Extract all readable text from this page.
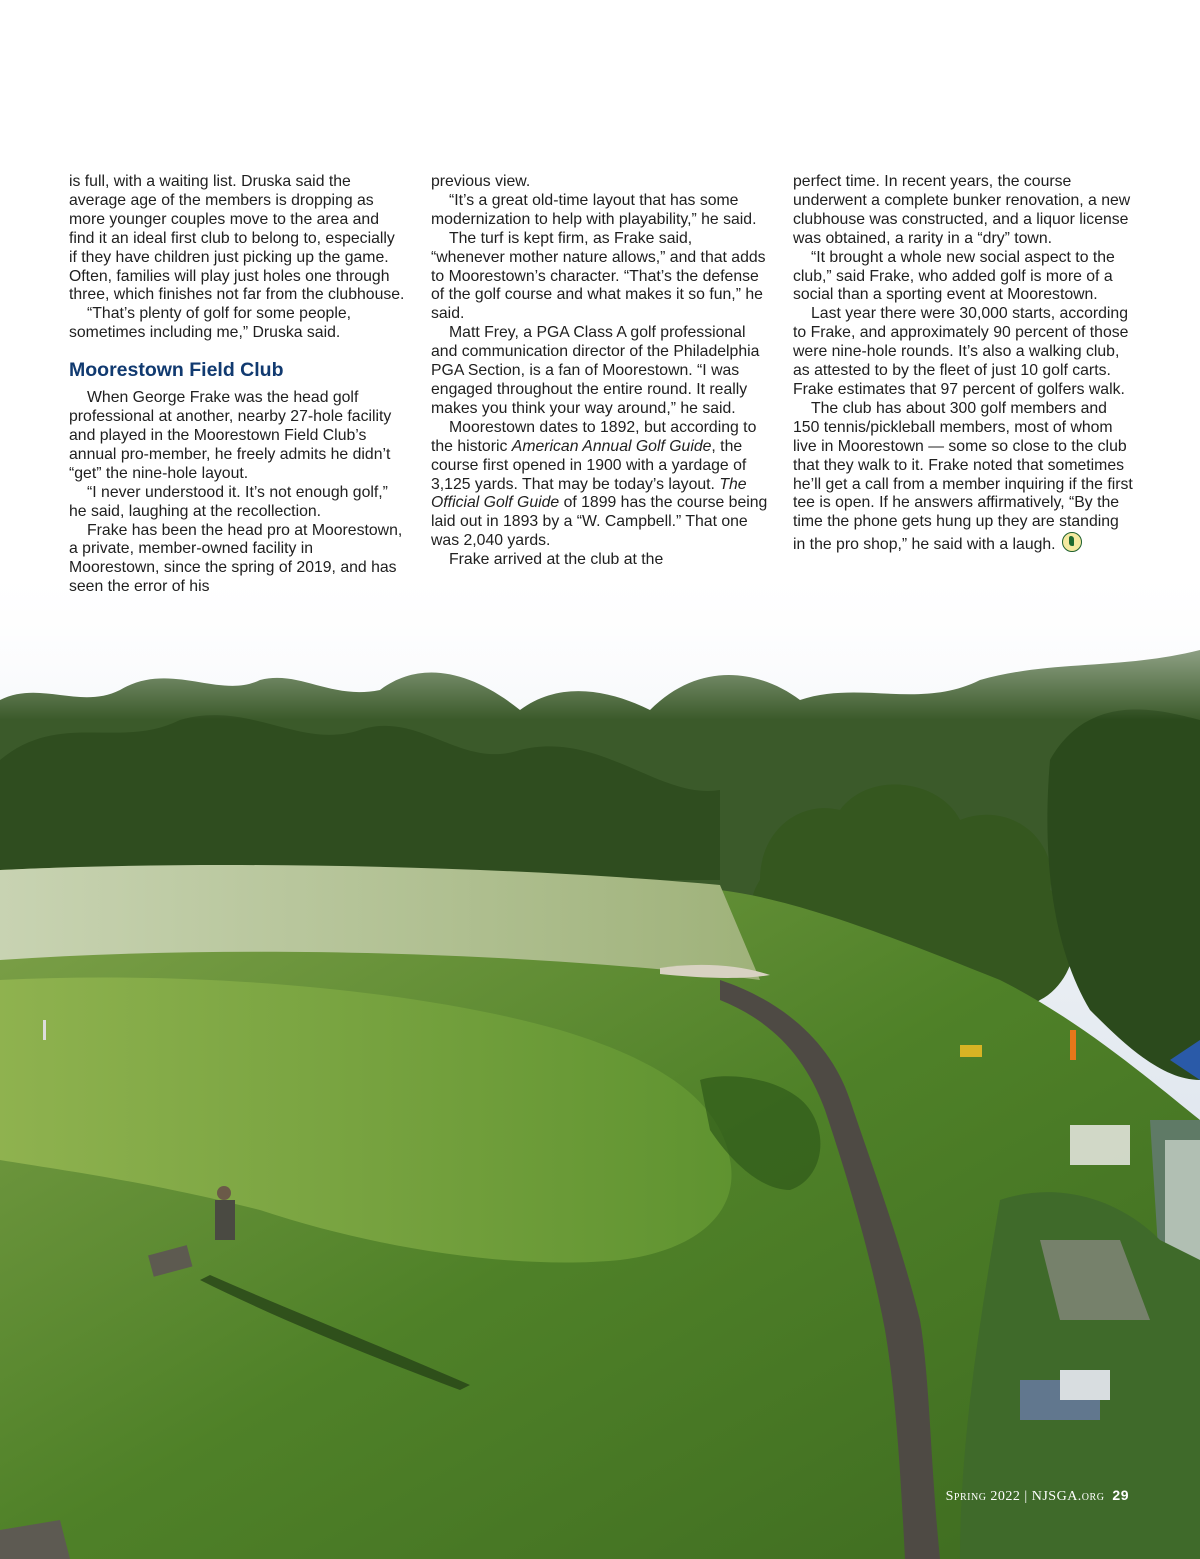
is full, with a waiting list. Druska said the average age of the members is dropping as more younger couples move to the area and find it an ideal first club to belong to, especially if they have children just picking up the game. Often, families will play just holes one through three, which finishes not far from the clubhouse.

“That’s plenty of golf for some people, sometimes including me,” Druska said.

Moorestown Field Club

When George Frake was the head golf professional at another, nearby 27-hole facility and played in the Moorestown Field Club’s annual pro-member, he freely admits he didn’t “get” the nine-hole layout.

“I never understood it. It’s not enough golf,” he said, laughing at the recollection.

Frake has been the head pro at Moorestown, a private, member-owned facility in Moorestown, since the spring of 2019, and has seen the error of his

previous view.

“It’s a great old-time layout that has some modernization to help with playability,” he said.

The turf is kept firm, as Frake said, “whenever mother nature allows,” and that adds to Moorestown’s character. “That’s the defense of the golf course and what makes it so fun,” he said.

Matt Frey, a PGA Class A golf professional and communication director of the Philadelphia PGA Section, is a fan of Moorestown. “I was engaged throughout the entire round. It really makes you think your way around,” he said.

Moorestown dates to 1892, but according to the historic American Annual Golf Guide, the course first opened in 1900 with a yardage of 3,125 yards. That may be today’s layout. The Official Golf Guide of 1899 has the course being laid out in 1893 by a “W. Campbell.” That one was 2,040 yards.

Frake arrived at the club at the

perfect time. In recent years, the course underwent a complete bunker renovation, a new clubhouse was constructed, and a liquor license was obtained, a rarity in a “dry” town.

“It brought a whole new social aspect to the club,” said Frake, who added golf is more of a social than a sporting event at Moorestown.

Last year there were 30,000 starts, according to Frake, and approximately 90 percent of those were nine-hole rounds. It’s also a walking club, as attested to by the fleet of just 10 golf carts. Frake estimates that 97 percent of golfers walk.

The club has about 300 golf members and 150 tennis/pickleball members, most of whom live in Moorestown — some so close to the club that they walk to it. Frake noted that sometimes he’ll get a call from a member inquiring if the first tee is open. If he answers affirmatively, “By the time the phone gets hung up they are standing in the pro shop,” he said with a laugh.

Spring 2022 | NJSGA.org 29
